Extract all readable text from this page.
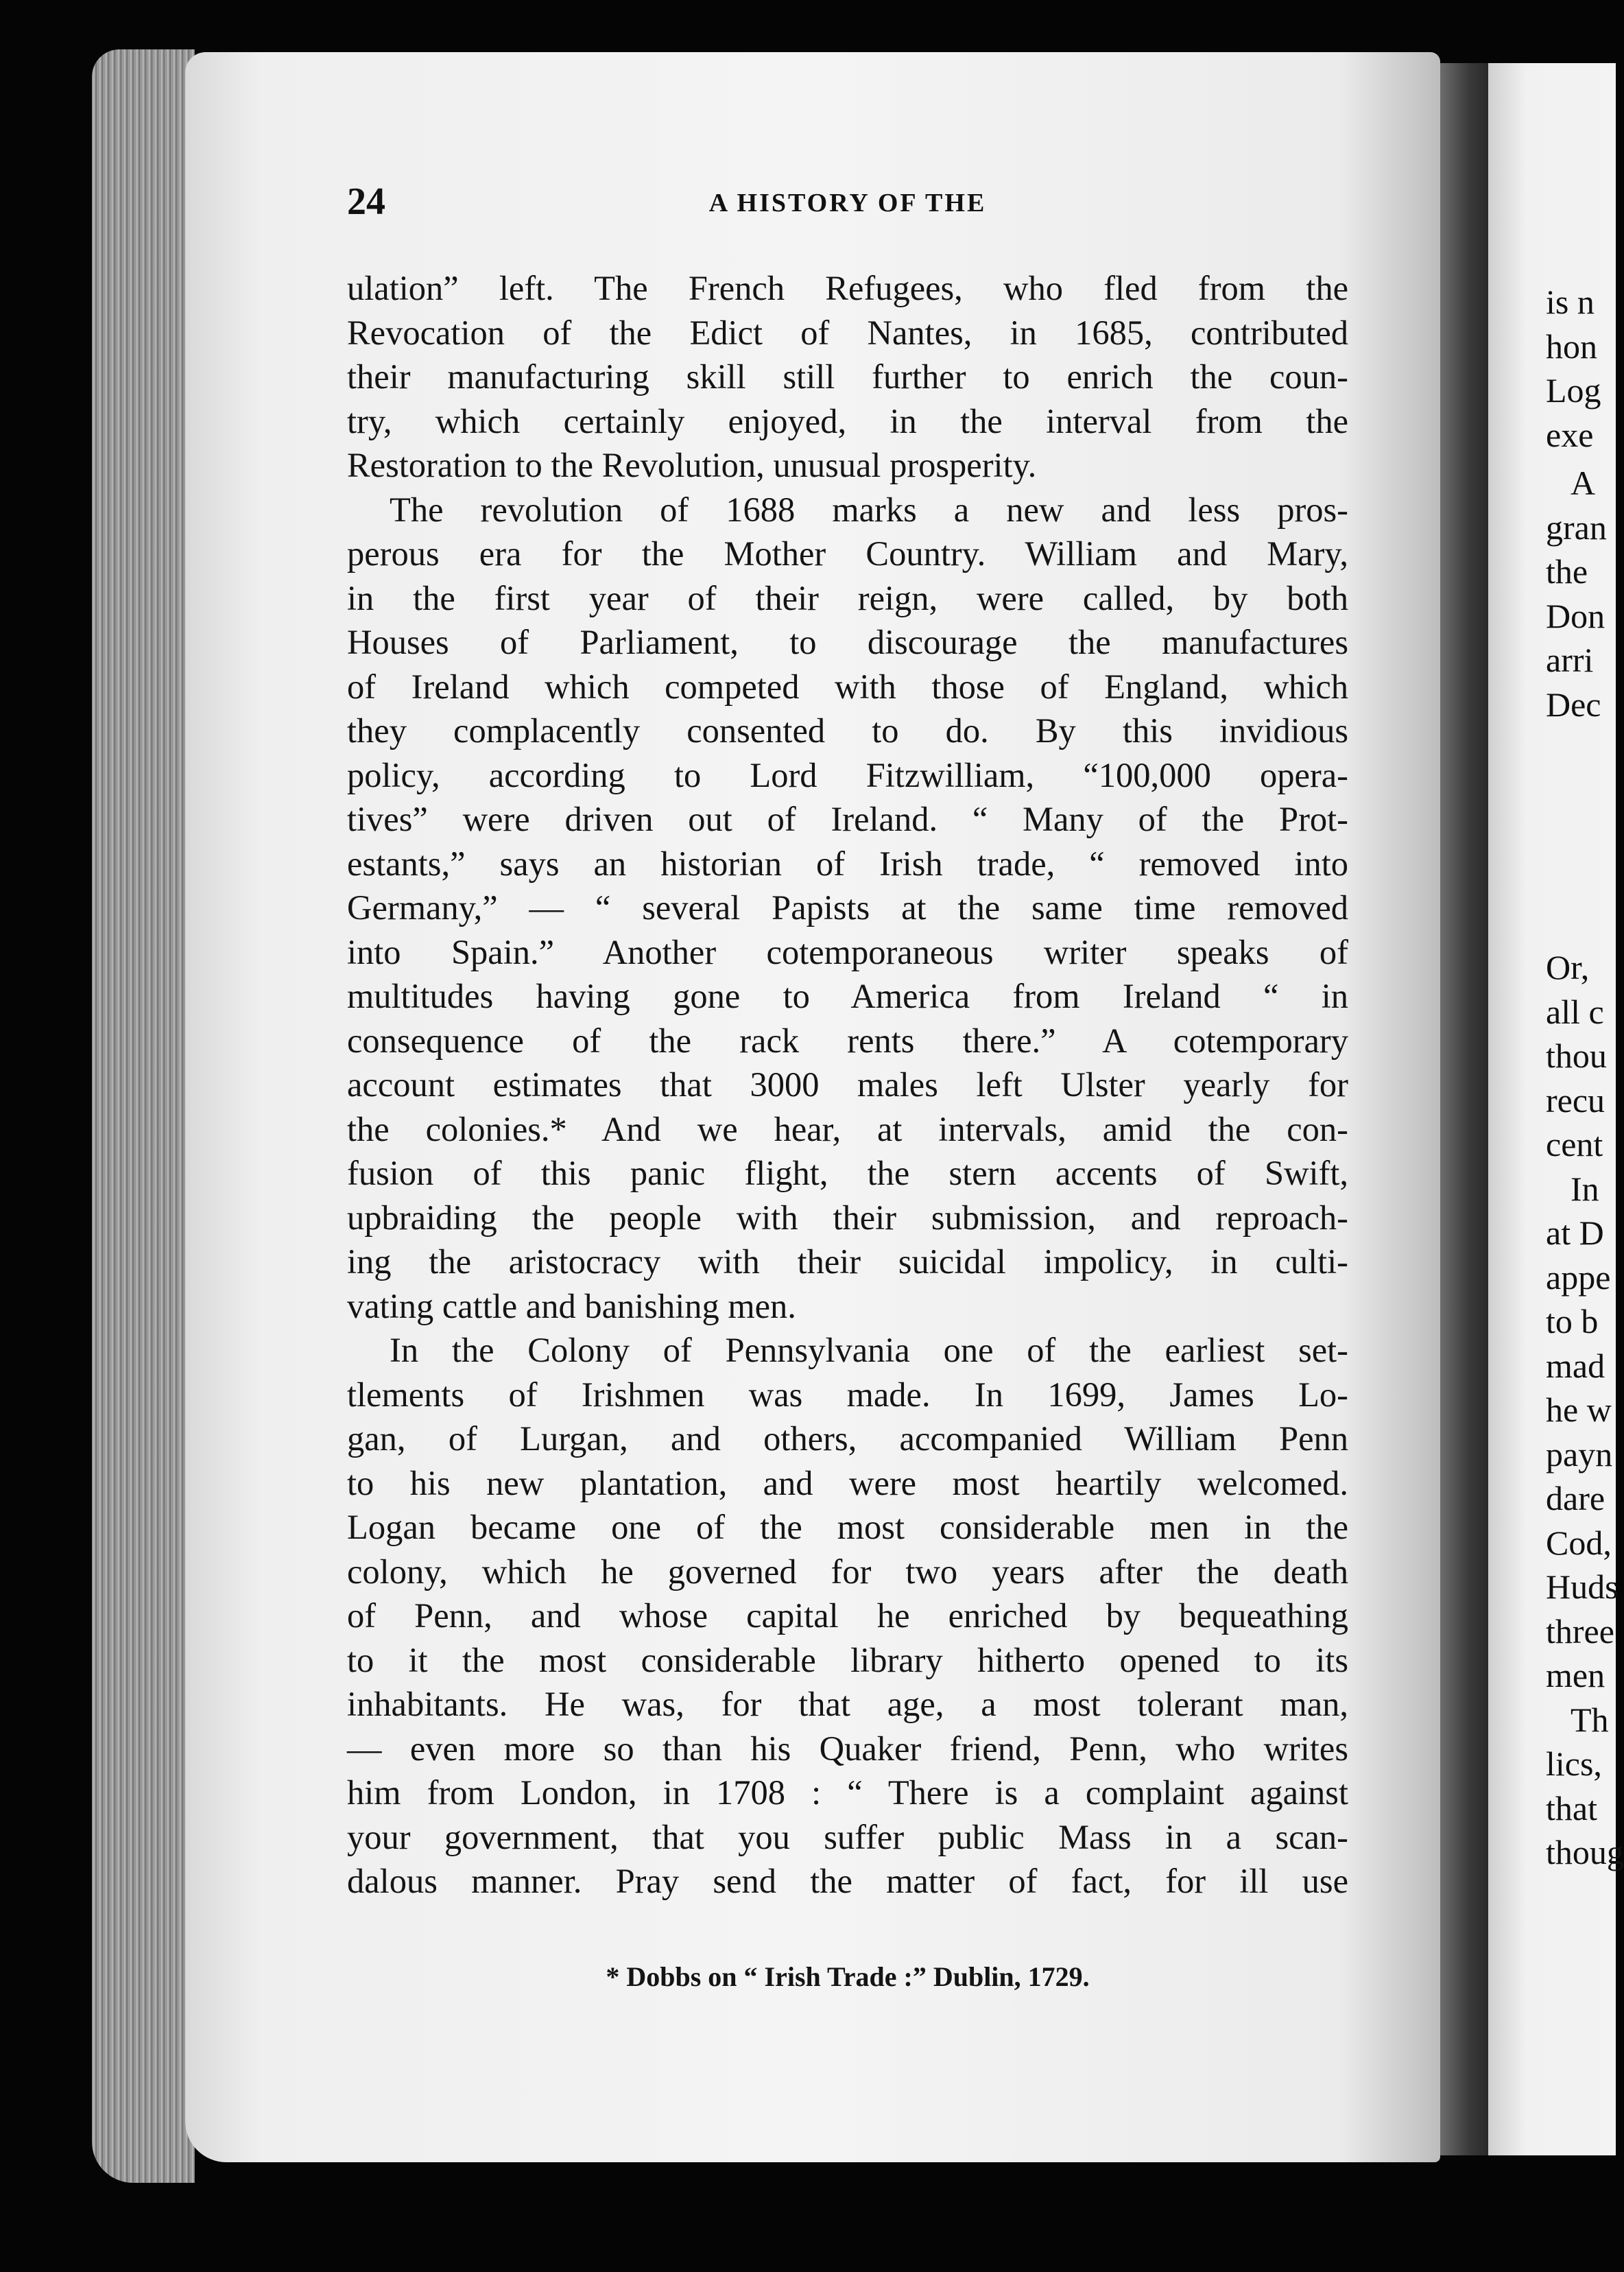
is n
hon
Log
exe
A
gran
the
Don
arri
Dec
Or,
all c
thou
recu
cent
In
at D
appe
to b
mad
he w
payn
dare
Cod,
Huds
three
men
Th
lics,
that
thoug
24	A HISTORY OF THE
ulation” left. The French Refugees, who fled from the
Revocation of the Edict of Nantes, in 1685, contributed
their manufacturing skill still further to enrich the coun-
try, which certainly enjoyed, in the interval from the
Restoration to the Revolution, unusual prosperity.
The revolution of 1688 marks a new and less pros-
perous era for the Mother Country. William and Mary,
in the first year of their reign, were called, by both
Houses of Parliament, to discourage the manufactures
of Ireland which competed with those of England, which
they complacently consented to do. By this invidious
policy, according to Lord Fitzwilliam, “100,000 opera-
tives” were driven out of Ireland. “ Many of the Prot-
estants,” says an historian of Irish trade, “ removed into
Germany,” — “ several Papists at the same time removed
into Spain.” Another cotemporaneous writer speaks of
multitudes having gone to America from Ireland “ in
consequence of the rack rents there.” A cotemporary
account estimates that 3000 males left Ulster yearly for
the colonies.* And we hear, at intervals, amid the con-
fusion of this panic flight, the stern accents of Swift,
upbraiding the people with their submission, and reproach-
ing the aristocracy with their suicidal impolicy, in culti-
vating cattle and banishing men.
In the Colony of Pennsylvania one of the earliest set-
tlements of Irishmen was made. In 1699, James Lo-
gan, of Lurgan, and others, accompanied William Penn
to his new plantation, and were most heartily welcomed.
Logan became one of the most considerable men in the
colony, which he governed for two years after the death
of Penn, and whose capital he enriched by bequeathing
to it the most considerable library hitherto opened to its
inhabitants. He was, for that age, a most tolerant man,
— even more so than his Quaker friend, Penn, who writes
him from London, in 1708 : “ There is a complaint against
your government, that you suffer public Mass in a scan-
dalous manner. Pray send the matter of fact, for ill use
* Dobbs on “ Irish Trade :” Dublin, 1729.
